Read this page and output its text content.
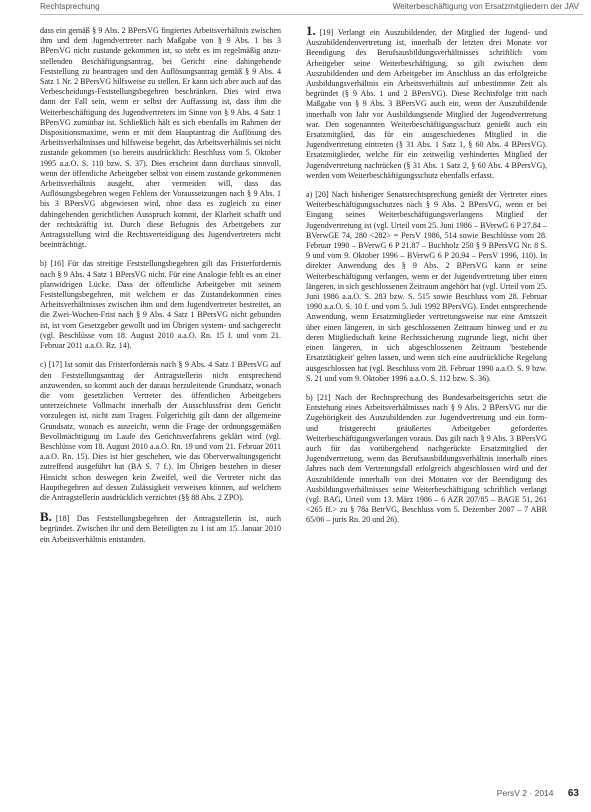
Rechtsprechung	Weiterbeschäftigung von Ersatzmitgliedern der JAV

dass ein gemäß § 9 Abs. 2 BPersVG fingiertes Arbeitsverhältnis zwischen ihm und dem Jugendvertreter nach Maßgabe von § 9 Abs. 1 bis 3 BPersVG nicht zustande gekommen ist, so steht es im regelmäßig anzustellenden Beschäftigungsantrag, bei Gericht eine dahingehende Feststellung zu beantragen und den Auflösungsantrag gemäß § 9 Abs. 4 Satz 1 Nr. 2 BPersVG hilfsweise zu stellen. Er kann sich aber auch auf das Verbescheidungs-Feststellungsbegehren beschränken. Dies wird etwa dann der Fall sein, wenn er selbst der Auffassung ist, dass ihm die Weiterbeschäftigung des Jugendvertreters im Sinne von § 9 Abs. 4 Satz 1 BPersVG zumutbar ist. Schließlich hält es sich ebenfalls im Rahmen der Dispositionsmaxime, wenn er mit dem Hauptantrag die Auflösung des Arbeitsverhältnisses und hilfsweise begehrt, das Arbeitsverhältnis sei nicht zustande gekommen (so bereits ausdrücklich: Beschluss vom 5. Oktober 1995 a.a.O. S. 110 bzw. S. 37). Dies erscheint dann durchaus sinnvoll, wenn der öffentliche Arbeitgeber selbst von einem zustande gekommenen Arbeitsverhältnis ausgeht, aber vermeiden will, dass das Auflösungsbegehren wegen Fehlens der Voraussetzungen nach § 9 Abs. 1 bis 3 BPersVG abgewiesen wird, ohne dass es zugleich zu einer dahingehenden gerichtlichen Ausspruch kommt, der Klarheit schafft und der rechtskräftig ist. Durch diese Befugnis des Arbeitgebers zur Antragsstellung wird die Rechtsverteidigung des Jugendvertreters nicht beeinträchtigt.

b) [16] Für das streitige Feststellungsbegehren gilt das Fristerfordernis nach § 9 Abs. 4 Satz 1 BPersVG nicht. Für eine Analogie fehlt es an einer planwidrigen Lücke. Dass der öffentliche Arbeitgeber mit seinem Feststellungsbegehren, mit welchem er das Zustandekommen eines Arbeitsverhältnisses zwischen ihm und dem Jugendvertreter bestreitet, an die Zwei-Wochen-Frist nach § 9 Abs. 4 Satz 1 BPersVG nicht gebunden ist, ist vom Gesetzgeber gewollt und im Übrigen system- und sachgerecht (vgl. Beschlüsse vom 18. August 2010 a.a.O. Rn. 15 f. und vom 21. Februar 2011 a.a.O. Rz. 14).

c) [17] Ist somit das Fristerfordernis nach § 9 Abs. 4 Satz 1 BPersVG auf den Feststellungsantrag der Antragstellerin nicht entsprechend anzuwenden, so kommt auch der daraus herzuleitende Grundsatz, wonach die vom gesetzlichen Vertreter des öffentlichen Arbeitgebers unterzeichnete Vollmacht innerhalb der Ausschlussfrist dem Gericht vorzulegen ist, nicht zum Tragen. Folgerichtig gilt dann der allgemeine Grundsatz, wonach es ausreicht, wenn die Frage der ordnungsgemäßen Bevollmächtigung im Laufe des Gerichtsverfahrens geklärt wird (vgl. Beschlüsse vom 18. August 2010 a.a.O. Rn. 19 und vom 21. Februar 2011 a.a.O. Rn. 15). Dies ist hier geschehen, wie das Oberverwaltungsgericht zutreffend ausgeführt hat (BA S. 7 f.). Im Übrigen bestehen in dieser Hinsicht schon deswegen kein Zweifel, weil die Vertreter nicht das Hauptbegehren auf dessen Zulässigkeit verweisen können, auf welchem die Antragstellerin ausdrücklich verzichtet (§§ 88 Abs. 2 ZPO).

B. [18] Das Feststellungsbegehren der Antragstellerin ist, auch begründet. Zwischen ihr und dem Beteiligten zu 1 ist am 15. Januar 2010 ein Arbeitsverhältnis entstanden.

1. [19] Verlangt ein Auszubildender, der Mitglied der Jugend- und Auszubildendenvertretung ist, innerhalb der letzten drei Monate vor Beendigung des Berufsausbildungsverhältnisses schriftlich vom Arbeitgeber seine Weiterbeschäftigung, so gilt zwischen dem Auszubildenden und dem Arbeitgeber im Anschluss an das erfolgreiche Ausbildungsverhältnis ein Arbeitsverhältnis auf unbestimmte Zeit als begründet (§ 9 Abs. 1 und 2 BPersVG). Diese Rechtsfolge tritt nach Maßgabe von § 9 Abs. 3 BPersVG auch ein, wenn der Auszubildende innerhalb von Jahr vor Ausbildungsende Mitglied der Jugendvertretung war. Den sogenannten Weiterbeschäftigungsschutz genießt auch ein Ersatzmitglied, das für ein ausgeschiedenes Mitglied in die Jugendvertretung eintreten (§ 31 Abs. 1 Satz 1, § 60 Abs. 4 BPersVG). Ersatzmitglieder, welche für ein zeitweilig verhindertes Mitglied der Jugendvertretung nachrücken (§ 31 Abs. 1 Satz 2, § 60 Abs. 4 BPersVG), werden vom Weiterbeschäftigungsschutz ebenfalls erfasst.

a) [20] Nach bisheriger Senatsrechtsprechung genießt der Vertreter eines Weiterbeschäftigungsschutzes nach § 9 Abs. 2 BPersVG, wenn er bei Eingang seines Weiterbeschäftigungsverlangens Mitglied der Jugendvertretung ist (vgl. Urteil vom 25. Juni 1986 – BVerwG 6 P 27.84 – BVerwGE 74, 280 <282> = PersV 1986, 514 sowie Beschlüsse vom 28. Februar 1990 – BVerwG 6 P 21.87 – Buchholz 250 § 9 BPersVG Nr. 8 S. 9 und vom 9. Oktober 1996 – BVerwG 6 P 20.94 – PersV 1996, 110). In direkter Anwendung des § 9 Abs. 2 BPersVG kann er seine Weiterbeschäftigung verlangen, wenn er der Jugendvertretung über einen längeren, in sich geschlossenen Zeitraum angehört hat (vgl. Urteil vom 25. Juni 1986 a.a.O. S. 283 bzw. S. 515 sowie Beschluss vom 28. Februar 1990 a.a.O. S. 10 f. und vom 5. Juli 1992 BPersVG). Endet entsprechende Anwendung, wenn Ersatzmitglieder vertretungsweise nur eine Amtszeit über einen längeren, in sich geschlossenen Zeitraum hinweg und er zu deren Mitgliedschaft keine Rechtssicherung zugrunde liegt, nicht über einen längeren, in sich abgeschlossenen Zeitraum 'bestehende Ersatztätigkeit' gelten lassen, und wenn sich eine ausdrückliche Regelung ausgeschlossen hat (vgl. Beschluss vom 28. Februar 1990 a.a.O. S. 9 bzw. S. 21 und vom 9. Oktober 1996 a.a.O. S. 112 bzw. S. 36).

b) [21] Nach der Rechtsprechung des Bundesarbeitsgerichts setzt die Entstehung eines Arbeitsverhältnisses nach § 9 Abs. 2 BPersVG nur die Zugehörigkeit des Auszubildenden zur Jugendvertretung und ein form- und fristgerecht geäußertes Arbeitgeber gefordertes Weiterbeschäftigungsverlangen voraus. Das gilt nach § 9 Abs. 3 BPersVG auch für das vorübergehend nachgerückte Ersatzmitglied der Jugendvertretung, wenn das Berufsausbildungsverhältnis innerhalb eines Jahres nach dem Vertretungsfall erfolgreich abgeschlossen wird und der Auszubildende innerhalb von drei Monaten vor der Beendigung des Ausbildungsverhältnisses seine Weiterbeschäftigung schriftlich verlangt (vgl. BAG, Urteil vom 13. März 1986 – 6 AZR 207/85 – BAGE 51, 261 <265 ff.> zu § 78a BetrVG, Beschluss vom 5. Dezember 2007 – 7 ABR 65/06 – juris Rn. 20 und 26).

PersV 2 · 2014 63
